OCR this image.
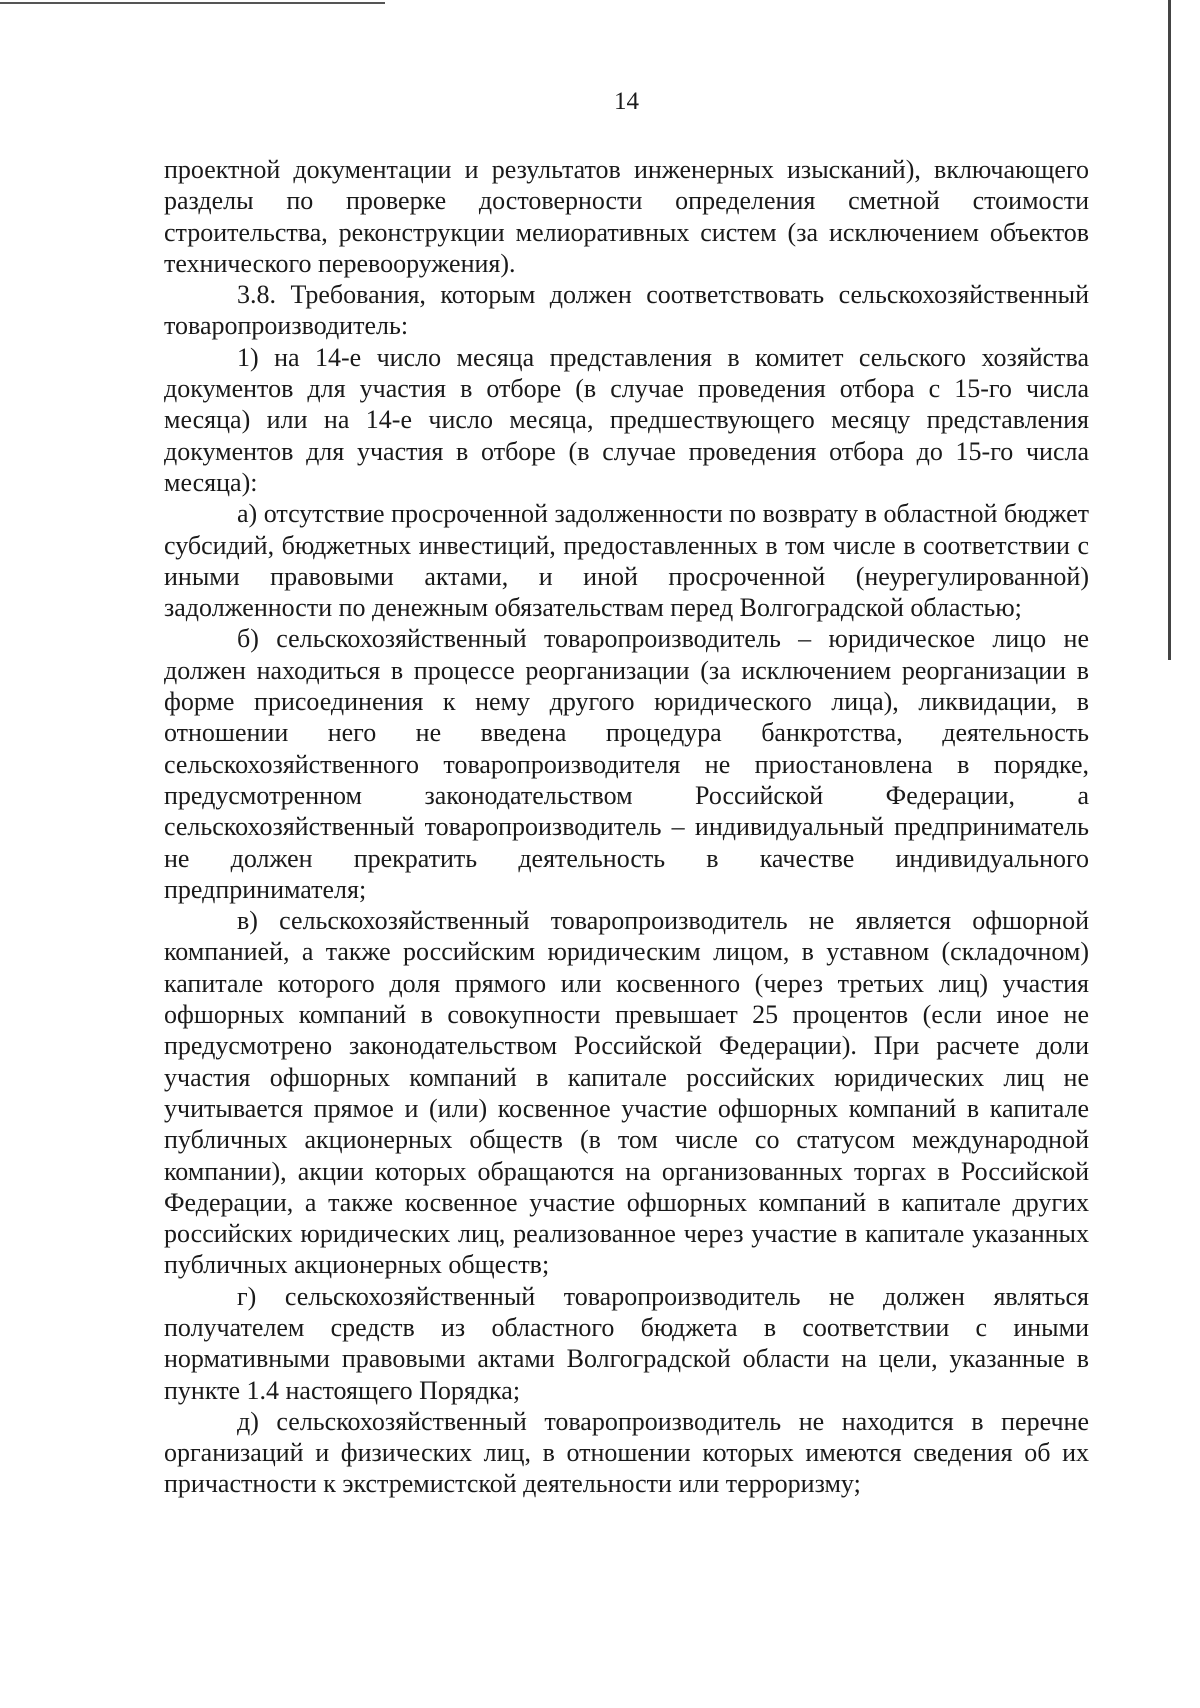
14

проектной документации и результатов инженерных изысканий), включающего разделы по проверке достоверности определения сметной стоимости строительства, реконструкции мелиоративных систем (за исключением объектов технического перевооружения).

3.8. Требования, которым должен соответствовать сельскохозяйственный товаропроизводитель:

1) на 14-е число месяца представления в комитет сельского хозяйства документов для участия в отборе (в случае проведения отбора с 15-го числа месяца) или на 14-е число месяца, предшествующего месяцу представления документов для участия в отборе (в случае проведения отбора до 15-го числа месяца):

а) отсутствие просроченной задолженности по возврату в областной бюджет субсидий, бюджетных инвестиций, предоставленных в том числе в соответствии с иными правовыми актами, и иной просроченной (неурегулированной) задолженности по денежным обязательствам перед Волгоградской областью;

б) сельскохозяйственный товаропроизводитель – юридическое лицо не должен находиться в процессе реорганизации (за исключением реорганизации в форме присоединения к нему другого юридического лица), ликвидации, в отношении него не введена процедура банкротства, деятельность сельскохозяйственного товаропроизводителя не приостановлена в порядке, предусмотренном законодательством Российской Федерации, а сельскохозяйственный товаропроизводитель – индивидуальный предприниматель не должен прекратить деятельность в качестве индивидуального предпринимателя;

в) сельскохозяйственный товаропроизводитель не является офшорной компанией, а также российским юридическим лицом, в уставном (складочном) капитале которого доля прямого или косвенного (через третьих лиц) участия офшорных компаний в совокупности превышает 25 процентов (если иное не предусмотрено законодательством Российской Федерации). При расчете доли участия офшорных компаний в капитале российских юридических лиц не учитывается прямое и (или) косвенное участие офшорных компаний в капитале публичных акционерных обществ (в том числе со статусом международной компании), акции которых обращаются на организованных торгах в Российской Федерации, а также косвенное участие офшорных компаний в капитале других российских юридических лиц, реализованное через участие в капитале указанных публичных акционерных обществ;

г) сельскохозяйственный товаропроизводитель не должен являться получателем средств из областного бюджета в соответствии с иными нормативными правовыми актами Волгоградской области на цели, указанные в пункте 1.4 настоящего Порядка;

д) сельскохозяйственный товаропроизводитель не находится в перечне организаций и физических лиц, в отношении которых имеются сведения об их причастности к экстремистской деятельности или терроризму;
